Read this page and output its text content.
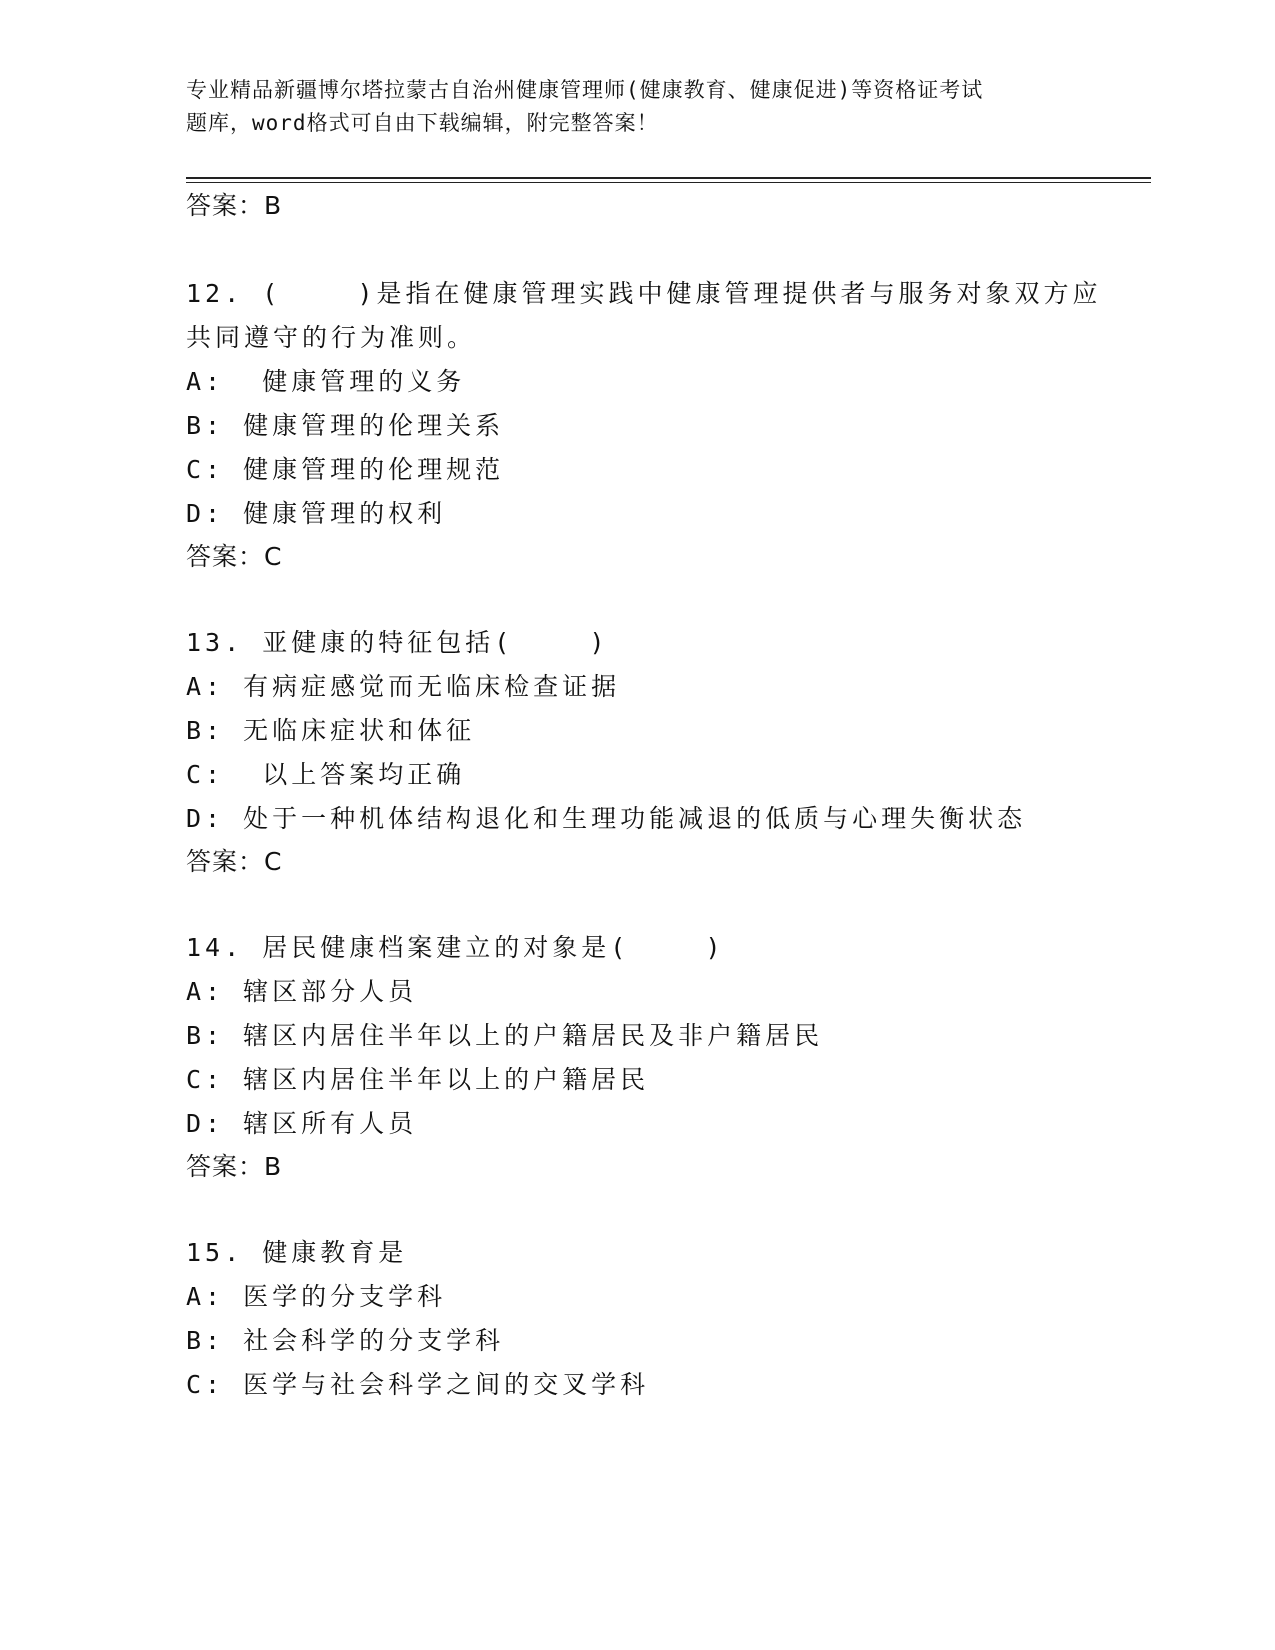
专业精品新疆博尔塔拉蒙古自治州健康管理师(健康教育、健康促进)等资格证考试
题库，word格式可自由下载编辑，附完整答案！
答案：B
12. (    )是指在健康管理实践中健康管理提供者与服务对象双方应
共同遵守的行为准则。
A:  健康管理的义务
B: 健康管理的伦理关系
C: 健康管理的伦理规范
D: 健康管理的权利
答案：C
13. 亚健康的特征包括(    )
A: 有病症感觉而无临床检查证据
B: 无临床症状和体征
C:  以上答案均正确
D: 处于一种机体结构退化和生理功能减退的低质与心理失衡状态
答案：C
14. 居民健康档案建立的对象是(    )
A: 辖区部分人员
B: 辖区内居住半年以上的户籍居民及非户籍居民
C: 辖区内居住半年以上的户籍居民
D: 辖区所有人员
答案：B
15. 健康教育是
A: 医学的分支学科
B: 社会科学的分支学科
C: 医学与社会科学之间的交叉学科
